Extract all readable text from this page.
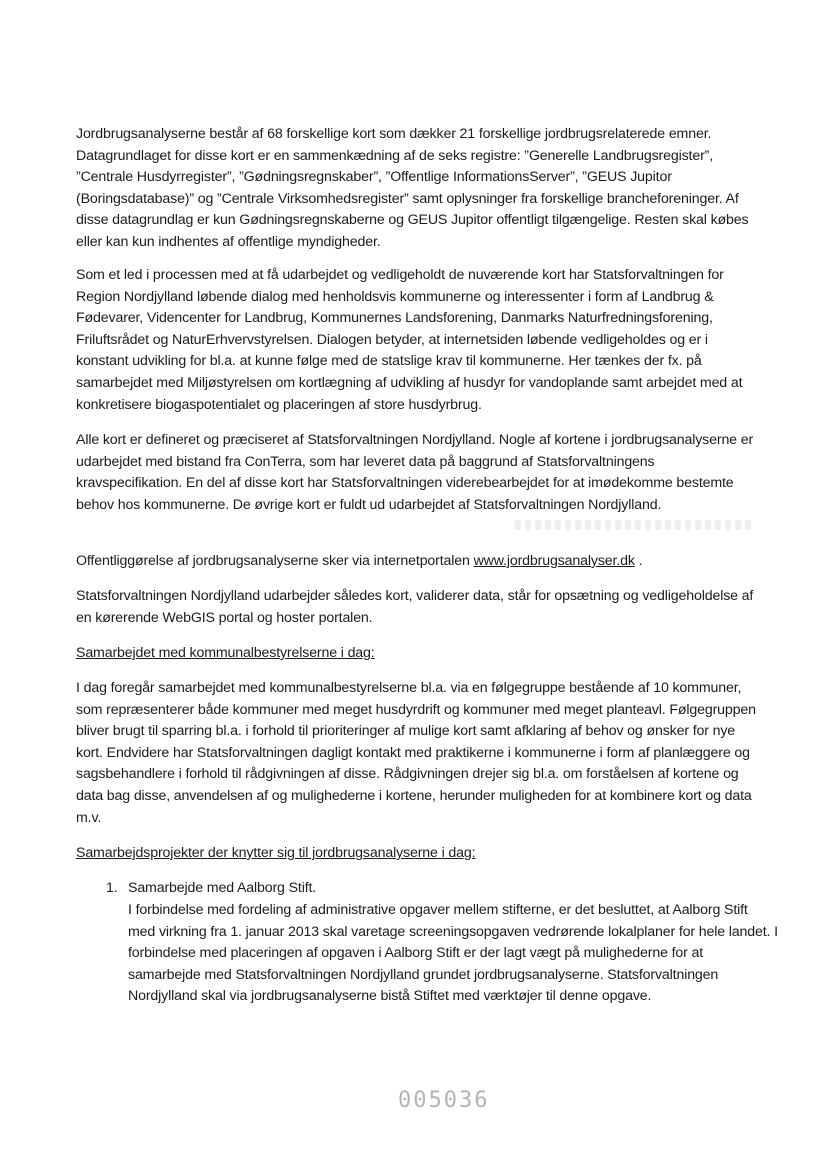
Jordbrugsanalyserne består af 68 forskellige kort som dækker 21 forskellige jordbrugsrelaterede emner. Datagrundlaget for disse kort er en sammenkædning af de seks registre: ”Generelle Landbrugsregister”, ”Centrale Husdyrregister”, ”Gødningsregnskaber”, ”Offentlige InformationsServer”, ”GEUS Jupitor (Boringsdatabase)” og ”Centrale Virksomhedsregister” samt oplysninger fra forskellige brancheforeninger. Af disse datagrundlag er kun Gødningsregnskaberne og GEUS Jupitor offentligt tilgængelige. Resten skal købes eller kan kun indhentes af offentlige myndigheder.

Som et led i processen med at få udarbejdet og vedligeholdt de nuværende kort har Statsforvaltningen for Region Nordjylland løbende dialog med henholdsvis kommunerne og interessenter i form af Landbrug & Fødevarer, Videncenter for Landbrug, Kommunernes Landsforening, Danmarks Naturfredningsforening, Friluftsrådet og NaturErhvervstyrelsen. Dialogen betyder, at internetsiden løbende vedligeholdes og er i konstant udvikling for bl.a. at kunne følge med de statslige krav til kommunerne. Her tænkes der fx. på samarbejdet med Miljøstyrelsen om kortlægning af udvikling af husdyr for vandoplande samt arbejdet med at konkretisere biogaspotentialet og placeringen af store husdyrbrug.

Alle kort er defineret og præciseret af Statsforvaltningen Nordjylland. Nogle af kortene i jordbrugsanalyserne er udarbejdet med bistand fra ConTerra, som har leveret data på baggrund af Statsforvaltningens kravspecifikation. En del af disse kort har Statsforvaltningen viderebearbejdet for at imødekomme bestemte behov hos kommunerne. De øvrige kort er fuldt ud udarbejdet af Statsforvaltningen Nordjylland.

Offentliggørelse af jordbrugsanalyserne sker via internetportalen www.jordbrugsanalyser.dk .

Statsforvaltningen Nordjylland udarbejder således kort, validerer data, står for opsætning og vedligeholdelse af en kørerende WebGIS portal og hoster portalen.

Samarbejdet med kommunalbestyrelserne i dag:

I dag foregår samarbejdet med kommunalbestyrelserne bl.a. via en følgegruppe bestående af 10 kommuner, som repræsenterer både kommuner med meget husdyrdrift og kommuner med meget planteavl. Følgegruppen bliver brugt til sparring bl.a. i forhold til prioriteringer af mulige kort samt afklaring af behov og ønsker for nye kort. Endvidere har Statsforvaltningen dagligt kontakt med praktikerne i kommunerne i form af planlæggere og sagsbehandlere i forhold til rådgivningen af disse. Rådgivningen drejer sig bl.a. om forståelsen af kortene og data bag disse, anvendelsen af og mulighederne i kortene, herunder muligheden for at kombinere kort og data m.v.

Samarbejdsprojekter der knytter sig til jordbrugsanalyserne i dag:

1. Samarbejde med Aalborg Stift.

I forbindelse med fordeling af administrative opgaver mellem stifterne, er det besluttet, at Aalborg Stift med virkning fra 1. januar 2013 skal varetage screeningsopgaven vedrørende lokalplaner for hele landet. I forbindelse med placeringen af opgaven i Aalborg Stift er der lagt vægt på mulighederne for at samarbejde med Statsforvaltningen Nordjylland grundet jordbrugsanalyserne. Statsforvaltningen Nordjylland skal via jordbrugsanalyserne bistå Stiftet med værktøjer til denne opgave.

005036
